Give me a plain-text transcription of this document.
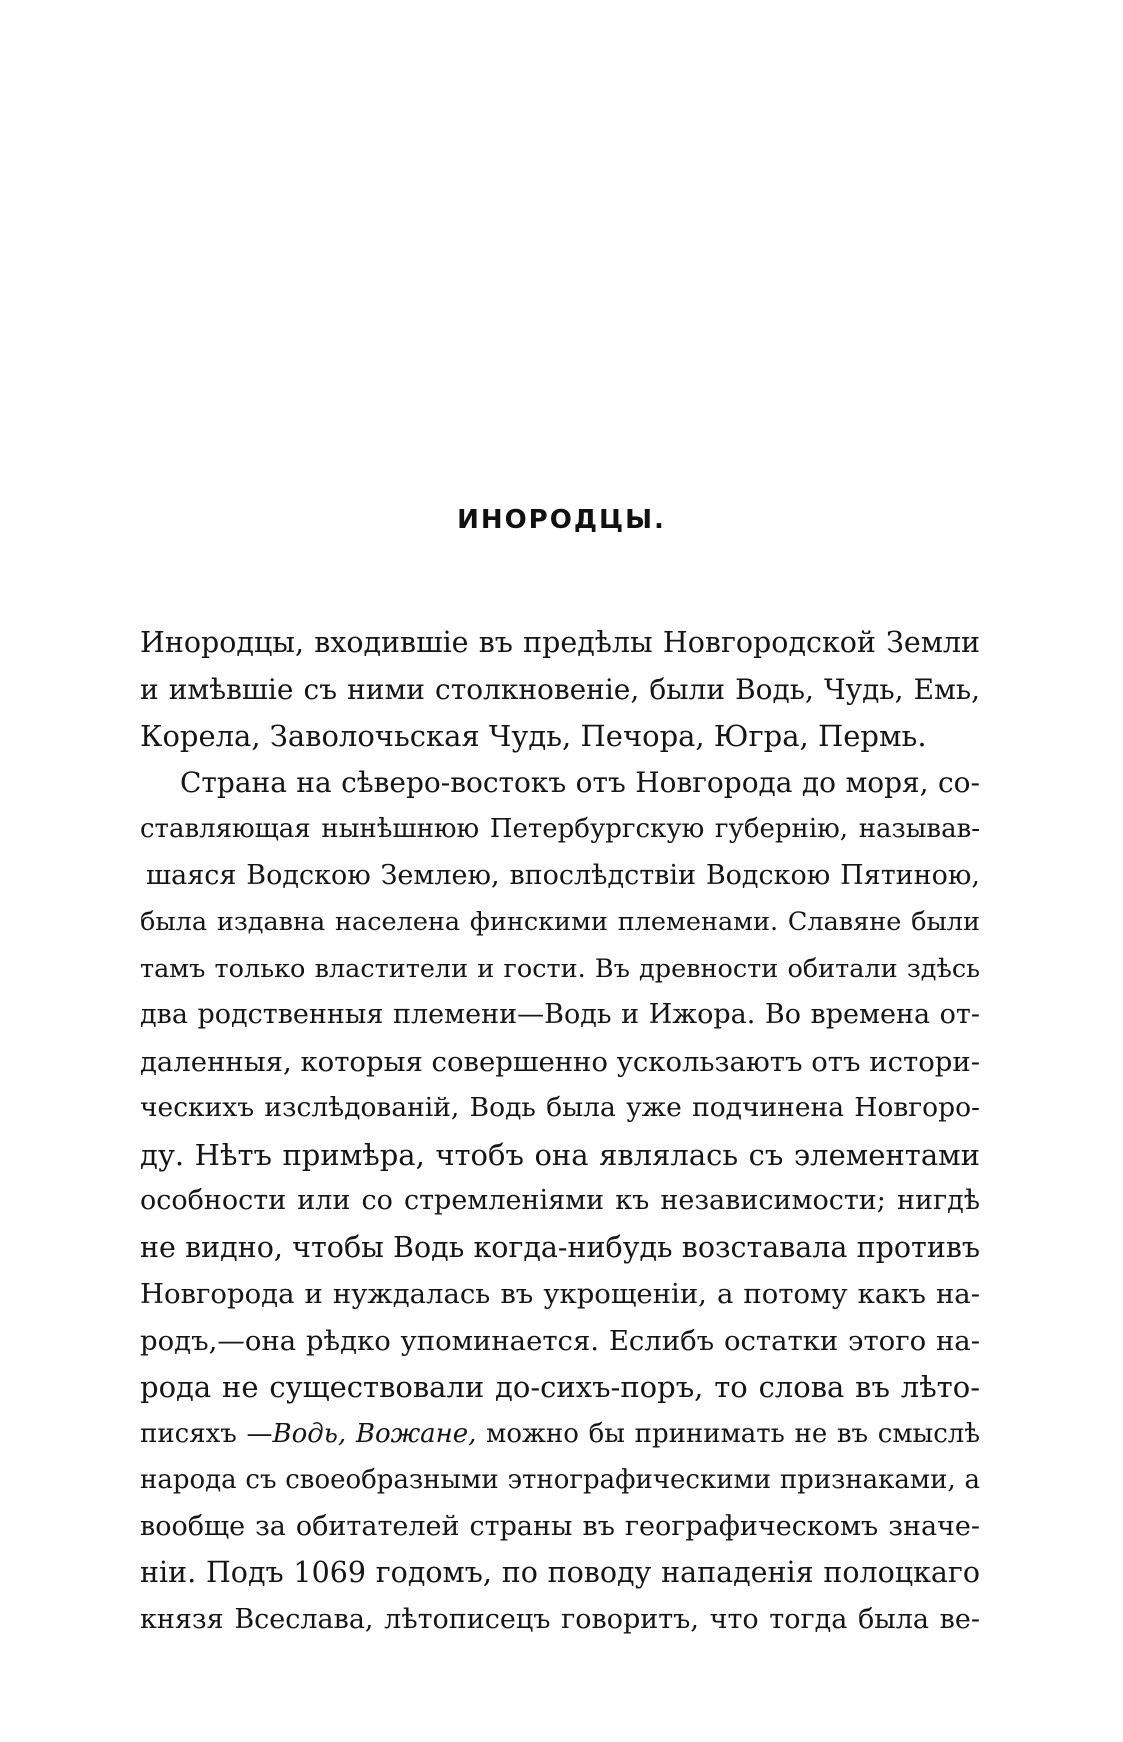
ИНОРОДЦЫ.
Инородцы, входившіе въ предѣлы Новгородской Земли
и имѣвшіе съ ними столкновеніе, были Водь, Чудь, Емь,
Корела, Заволочьская Чудь, Печора, Югра, Пермь.
Страна на сѣверо-востокъ отъ Новгорода до моря, со-
ставляющая нынѣшнюю Петербургскую губернію, называв-
шаяся Водскою Землею, впослѣдствіи Водскою Пятиною,
была издавна населена финскими племенами. Славяне были
тамъ только властители и гости. Въ древности обитали здѣсь
два родственныя племени—Водь и Ижора. Во времена от-
даленныя, которыя совершенно ускользаютъ отъ истори-
ческихъ изслѣдованій, Водь была уже подчинена Новгоро-
ду. Нѣтъ примѣра, чтобъ она являлась съ элементами
особности или со стремленіями къ независимости; нигдѣ
не видно, чтобы Водь когда-нибудь возставала противъ
Новгорода и нуждалась въ укрощеніи, а потому какъ на-
родъ,—она рѣдко упоминается. Еслибъ остатки этого на-
рода не существовали до-сихъ-поръ, то слова въ лѣто-
писяхъ —Водь, Вожане, можно бы принимать не въ смыслѣ
народа съ своеобразными этнографическими признаками, а
вообще за обитателей страны въ географическомъ значе-
ніи. Подъ 1069 годомъ, по поводу нападенія полоцкаго
князя Всеслава, лѣтописецъ говоритъ, что тогда была ве-
